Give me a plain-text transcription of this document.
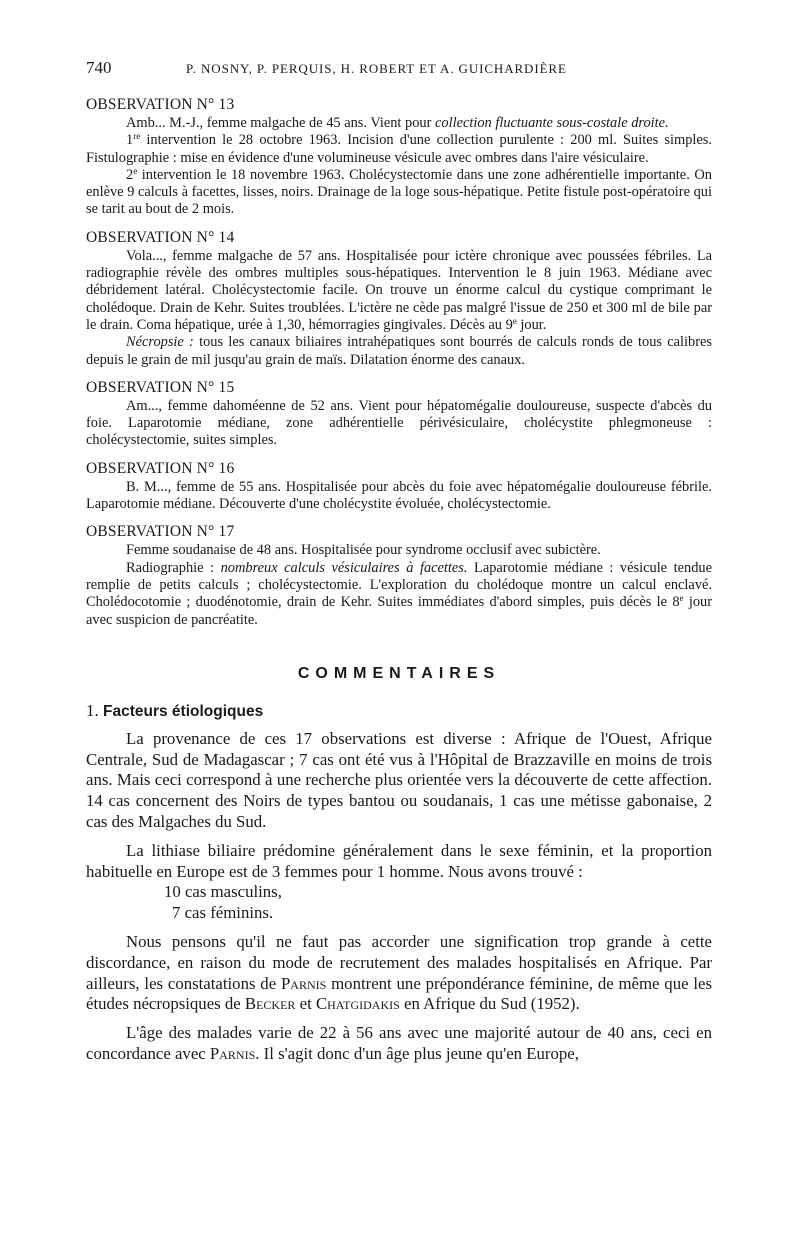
740	P. NOSNY, P. PERQUIS, H. ROBERT ET A. GUICHARDIÈRE
OBSERVATION N° 13

Amb... M.-J., femme malgache de 45 ans. Vient pour collection fluctuante sous-costale droite.

1re intervention le 28 octobre 1963. Incision d'une collection purulente : 200 ml. Suites simples. Fistulographie : mise en évidence d'une volumineuse vésicule avec ombres dans l'aire vésiculaire.

2e intervention le 18 novembre 1963. Cholécystectomie dans une zone adhérentielle importante. On enlève 9 calculs à facettes, lisses, noirs. Drainage de la loge sous-hépatique. Petite fistule post-opératoire qui se tarit au bout de 2 mois.

OBSERVATION N° 14

Vola..., femme malgache de 57 ans. Hospitalisée pour ictère chronique avec poussées fébriles. La radiographie révèle des ombres multiples sous-hépatiques. Intervention le 8 juin 1963. Médiane avec débridement latéral. Cholécystectomie facile. On trouve un énorme calcul du cystique comprimant le cholédoque. Drain de Kehr. Suites troublées. L'ictère ne cède pas malgré l'issue de 250 et 300 ml de bile par le drain. Coma hépatique, urée à 1,30, hémorragies gingivales. Décès au 9e jour.

Nécropsie : tous les canaux biliaires intrahépatiques sont bourrés de calculs ronds de tous calibres depuis le grain de mil jusqu'au grain de maïs. Dilatation énorme des canaux.

OBSERVATION N° 15

Am..., femme dahoméenne de 52 ans. Vient pour hépatomégalie douloureuse, suspecte d'abcès du foie. Laparotomie médiane, zone adhérentielle périvésiculaire, cholécystite phlegmoneuse : cholécystectomie, suites simples.

OBSERVATION N° 16

B. M..., femme de 55 ans. Hospitalisée pour abcès du foie avec hépatomégalie douloureuse fébrile. Laparotomie médiane. Découverte d'une cholécystite évoluée, cholécystectomie.

OBSERVATION N° 17

Femme soudanaise de 48 ans. Hospitalisée pour syndrome occlusif avec subictère.

Radiographie : nombreux calculs vésiculaires à facettes. Laparotomie médiane : vésicule tendue remplie de petits calculs ; cholécystectomie. L'exploration du cholédoque montre un calcul enclavé. Cholédocotomie ; duodénotomie, drain de Kehr. Suites immédiates d'abord simples, puis décès le 8e jour avec suspicion de pancréatite.

COMMENTAIRES
1. Facteurs étiologiques

La provenance de ces 17 observations est diverse : Afrique de l'Ouest, Afrique Centrale, Sud de Madagascar ; 7 cas ont été vus à l'Hôpital de Brazzaville en moins de trois ans. Mais ceci correspond à une recherche plus orientée vers la découverte de cette affection. 14 cas concernent des Noirs de types bantou ou soudanais, 1 cas une métisse gabonaise, 2 cas des Malgaches du Sud.

La lithiase biliaire prédomine généralement dans le sexe féminin, et la proportion habituelle en Europe est de 3 femmes pour 1 homme. Nous avons trouvé :

10 cas masculins,
7 cas féminins.

Nous pensons qu'il ne faut pas accorder une signification trop grande à cette discordance, en raison du mode de recrutement des malades hospitalisés en Afrique. Par ailleurs, les constatations de Parnis montrent une prépondérance féminine, de même que les études nécropsiques de Becker et Chatgidakis en Afrique du Sud (1952).

L'âge des malades varie de 22 à 56 ans avec une majorité autour de 40 ans, ceci en concordance avec Parnis. Il s'agit donc d'un âge plus jeune qu'en Europe,
